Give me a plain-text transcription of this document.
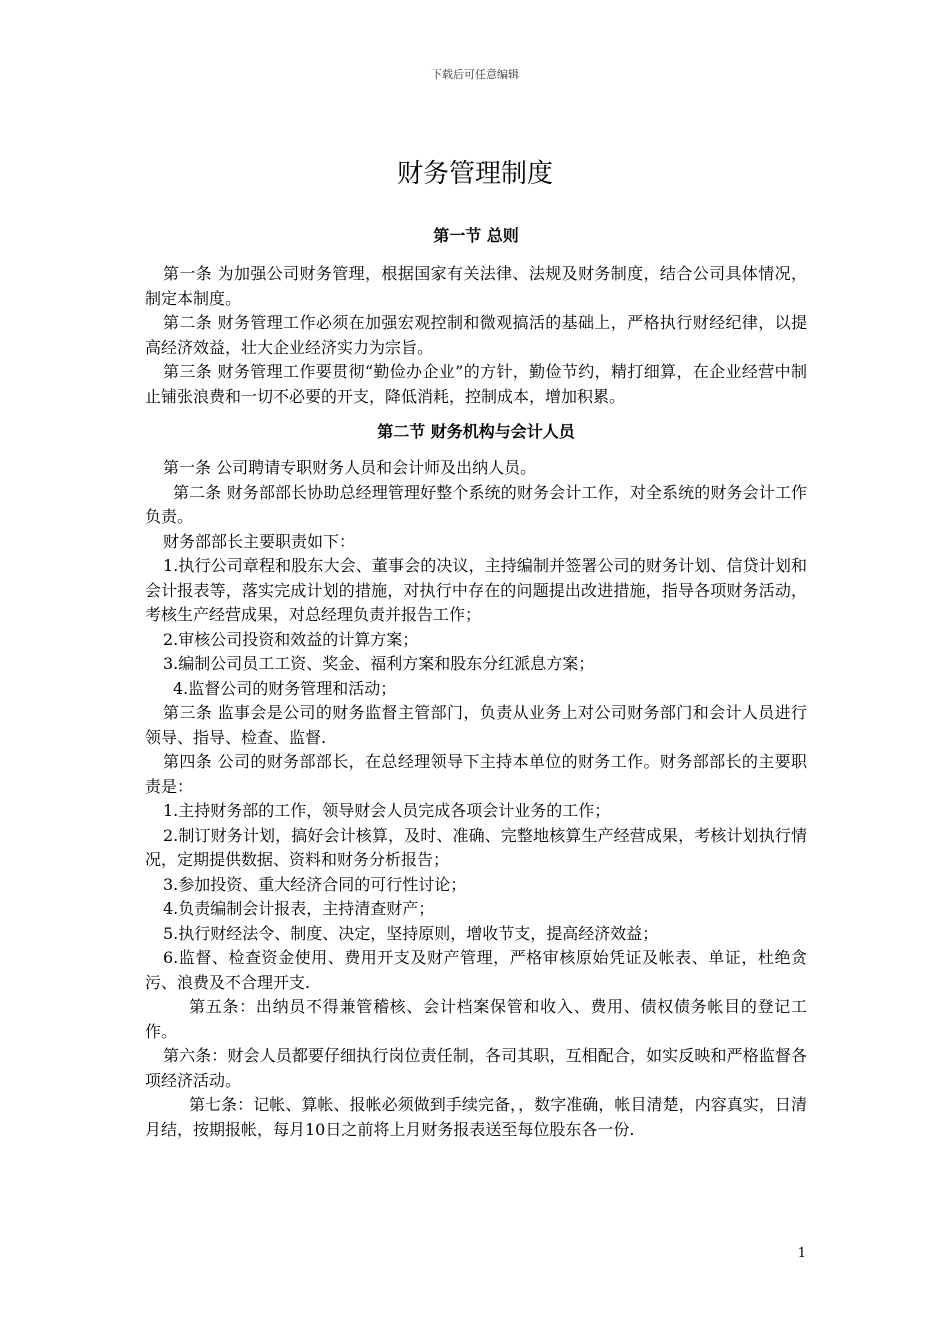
下载后可任意编辑
财务管理制度
第一节 总则

第一条 为加强公司财务管理，根据国家有关法律、法规及财务制度，结合公司具体情况，制定本制度。

第二条 财务管理工作必须在加强宏观控制和微观搞活的基础上，严格执行财经纪律，以提高经济效益，壮大企业经济实力为宗旨。

第三条 财务管理工作要贯彻“勤俭办企业”的方针，勤俭节约，精打细算，在企业经营中制止铺张浪费和一切不必要的开支，降低消耗，控制成本，增加积累。

第二节 财务机构与会计人员

第一条 公司聘请专职财务人员和会计师及出纳人员。

第二条 财务部部长协助总经理管理好整个系统的财务会计工作，对全系统的财务会计工作负责。

财务部部长主要职责如下：

1.执行公司章程和股东大会、董事会的决议，主持编制并签署公司的财务计划、信贷计划和会计报表等，落实完成计划的措施，对执行中存在的问题提出改进措施，指导各项财务活动，考核生产经营成果，对总经理负责并报告工作；

2.审核公司投资和效益的计算方案；

3.编制公司员工工资、奖金、福利方案和股东分红派息方案；

4.监督公司的财务管理和活动；

第三条 监事会是公司的财务监督主管部门，负责从业务上对公司财务部门和会计人员进行领导、指导、检查、监督.

第四条 公司的财务部部长，在总经理领导下主持本单位的财务工作。财务部部长的主要职责是：

1.主持财务部的工作，领导财会人员完成各项会计业务的工作；

2.制订财务计划，搞好会计核算，及时、准确、完整地核算生产经营成果，考核计划执行情况，定期提供数据、资料和财务分析报告；

3.参加投资、重大经济合同的可行性讨论；

4.负责编制会计报表，主持清查财产；

5.执行财经法令、制度、决定，坚持原则，增收节支，提高经济效益；

6.监督、检查资金使用、费用开支及财产管理，严格审核原始凭证及帐表、单证，杜绝贪污、浪费及不合理开支.

第五条：出纳员不得兼管稽核、会计档案保管和收入、费用、债权债务帐目的登记工作。

第六条：财会人员都要仔细执行岗位责任制，各司其职，互相配合，如实反映和严格监督各项经济活动。

第七条：记帐、算帐、报帐必须做到手续完备，，数字准确，帐目清楚，内容真实，日清月结，按期报帐，每月10日之前将上月财务报表送至每位股东各一份.

1
